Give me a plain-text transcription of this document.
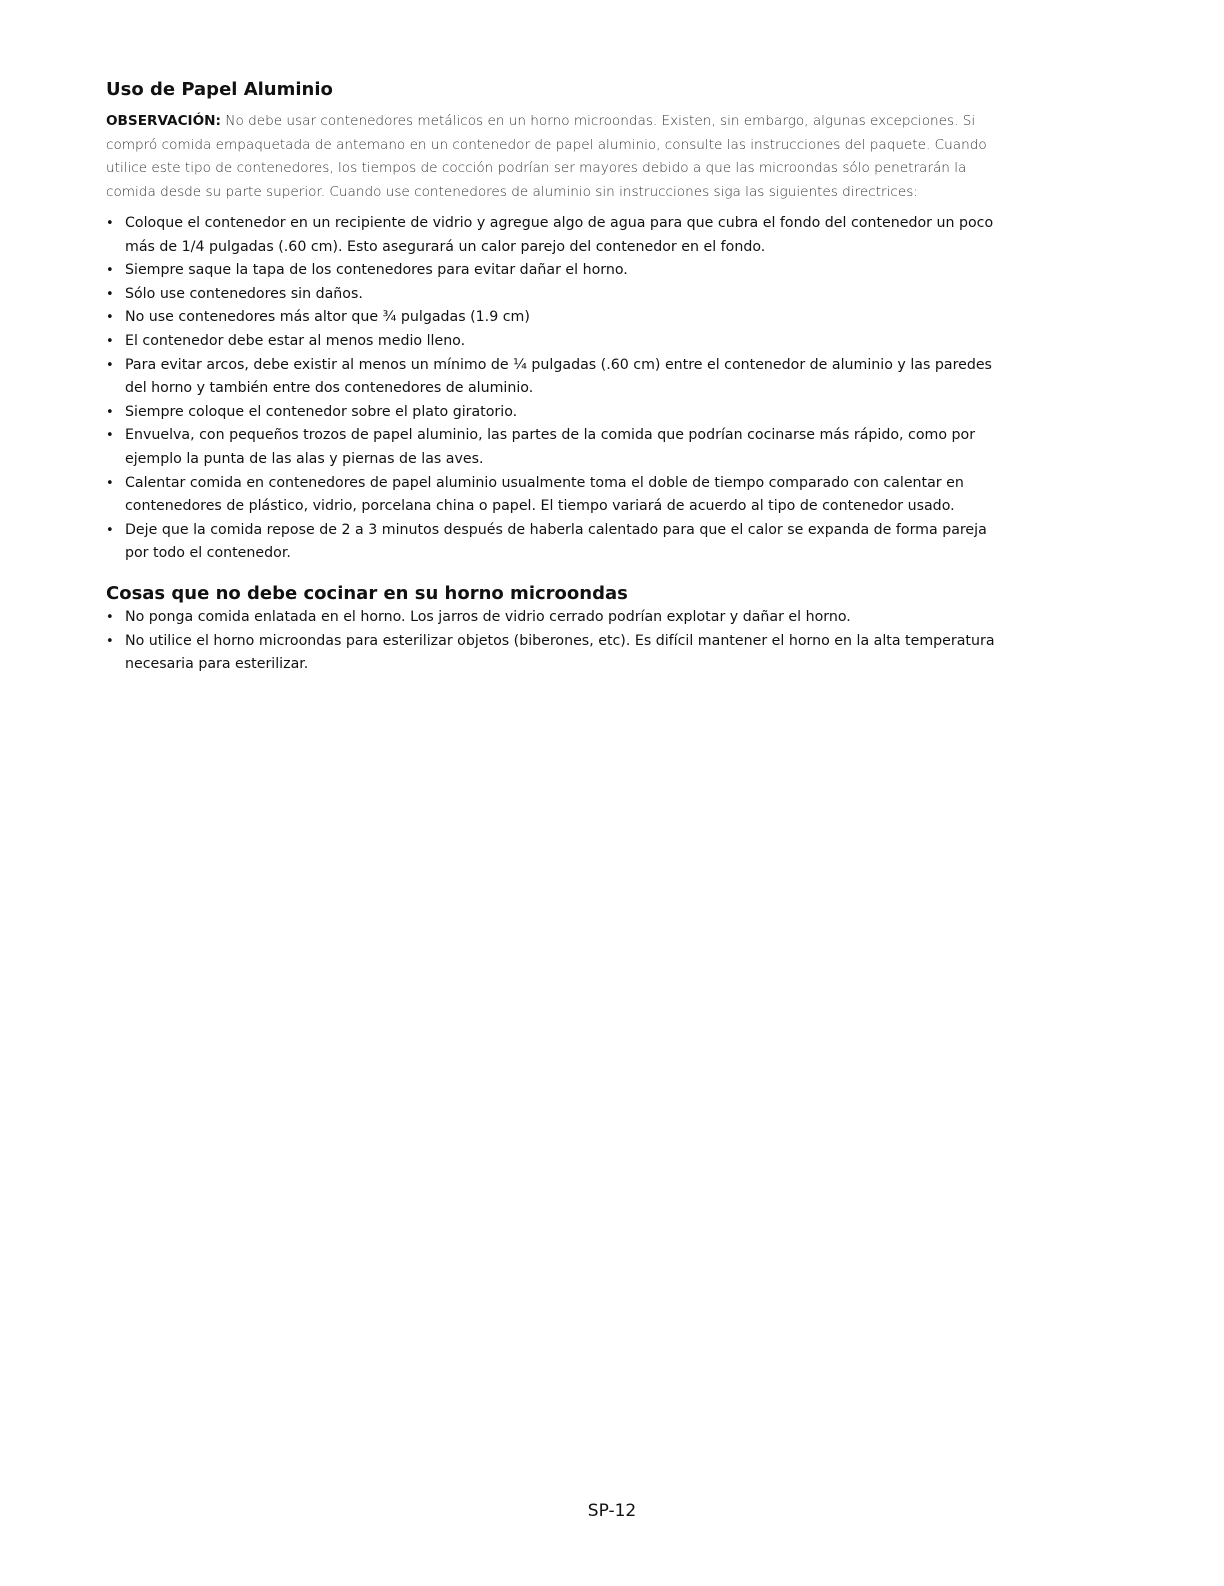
Uso de Papel Aluminio

OBSERVACIÓN: No debe usar contenedores metálicos en un horno microondas. Existen, sin embargo, algunas excepciones. Si compró comida empaquetada de antemano en un contenedor de papel aluminio, consulte las instrucciones del paquete. Cuando utilice este tipo de contenedores, los tiempos de cocción podrían ser mayores debido a que las microondas sólo penetrarán la comida desde su parte superior. Cuando use contenedores de aluminio sin instrucciones siga las siguientes directrices:

• Coloque el contenedor en un recipiente de vidrio y agregue algo de agua para que cubra el fondo del contenedor un poco más de 1/4 pulgadas (.60 cm). Esto asegurará un calor parejo del contenedor en el fondo.
• Siempre saque la tapa de los contenedores para evitar dañar el horno.
• Sólo use contenedores sin daños.
• No use contenedores más altor que ¾ pulgadas (1.9 cm)
• El contenedor debe estar al menos medio lleno.
• Para evitar arcos, debe existir al menos un mínimo de ¼ pulgadas (.60 cm) entre el contenedor de aluminio y las paredes del horno y también entre dos contenedores de aluminio.
• Siempre coloque el contenedor sobre el plato giratorio.
• Envuelva, con pequeños trozos de papel aluminio, las partes de la comida que podrían cocinarse más rápido, como por ejemplo la punta de las alas y piernas de las aves.
• Calentar comida en contenedores de papel aluminio usualmente toma el doble de tiempo comparado con calentar en contenedores de plástico, vidrio, porcelana china o papel. El tiempo variará de acuerdo al tipo de contenedor usado.
• Deje que la comida repose de 2 a 3 minutos después de haberla calentado para que el calor se expanda de forma pareja por todo el contenedor.
Cosas que no debe cocinar en su horno microondas
• No ponga comida enlatada en el horno. Los jarros de vidrio cerrado podrían explotar y dañar el horno.
• No utilice el horno microondas para esterilizar objetos (biberones, etc). Es difícil mantener el horno en la alta temperatura necesaria para esterilizar.
SP-12
